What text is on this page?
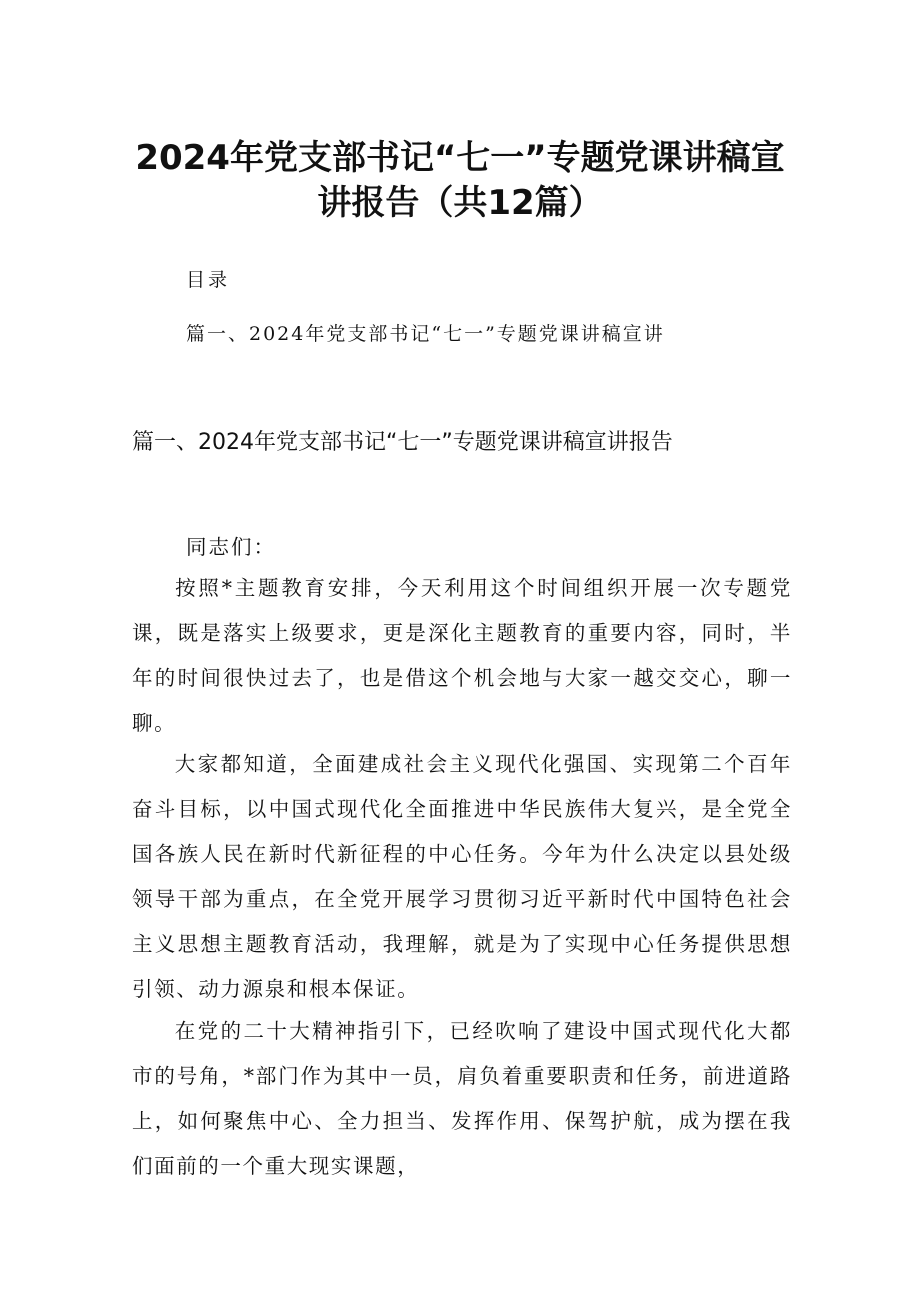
2024年党支部书记“七一”专题党课讲稿宣
讲报告（共12篇）
目录
篇一、2024年党支部书记“七一”专题党课讲稿宣讲
篇一、2024年党支部书记“七一”专题党课讲稿宣讲报告
同志们：
按照*主题教育安排，今天利用这个时间组织开展一次专题党课，既是落实上级要求，更是深化主题教育的重要内容，同时，半年的时间很快过去了，也是借这个机会地与大家一越交交心，聊一聊。
大家都知道，全面建成社会主义现代化强国、实现第二个百年奋斗目标，以中国式现代化全面推进中华民族伟大复兴，是全党全国各族人民在新时代新征程的中心任务。今年为什么决定以县处级领导干部为重点，在全党开展学习贯彻习近平新时代中国特色社会主义思想主题教育活动，我理解，就是为了实现中心任务提供思想引领、动力源泉和根本保证。
在党的二十大精神指引下，已经吹响了建设中国式现代化大都市的号角，*部门作为其中一员，肩负着重要职责和任务，前进道路上，如何聚焦中心、全力担当、发挥作用、保驾护航，成为摆在我们面前的一个重大现实课题，
